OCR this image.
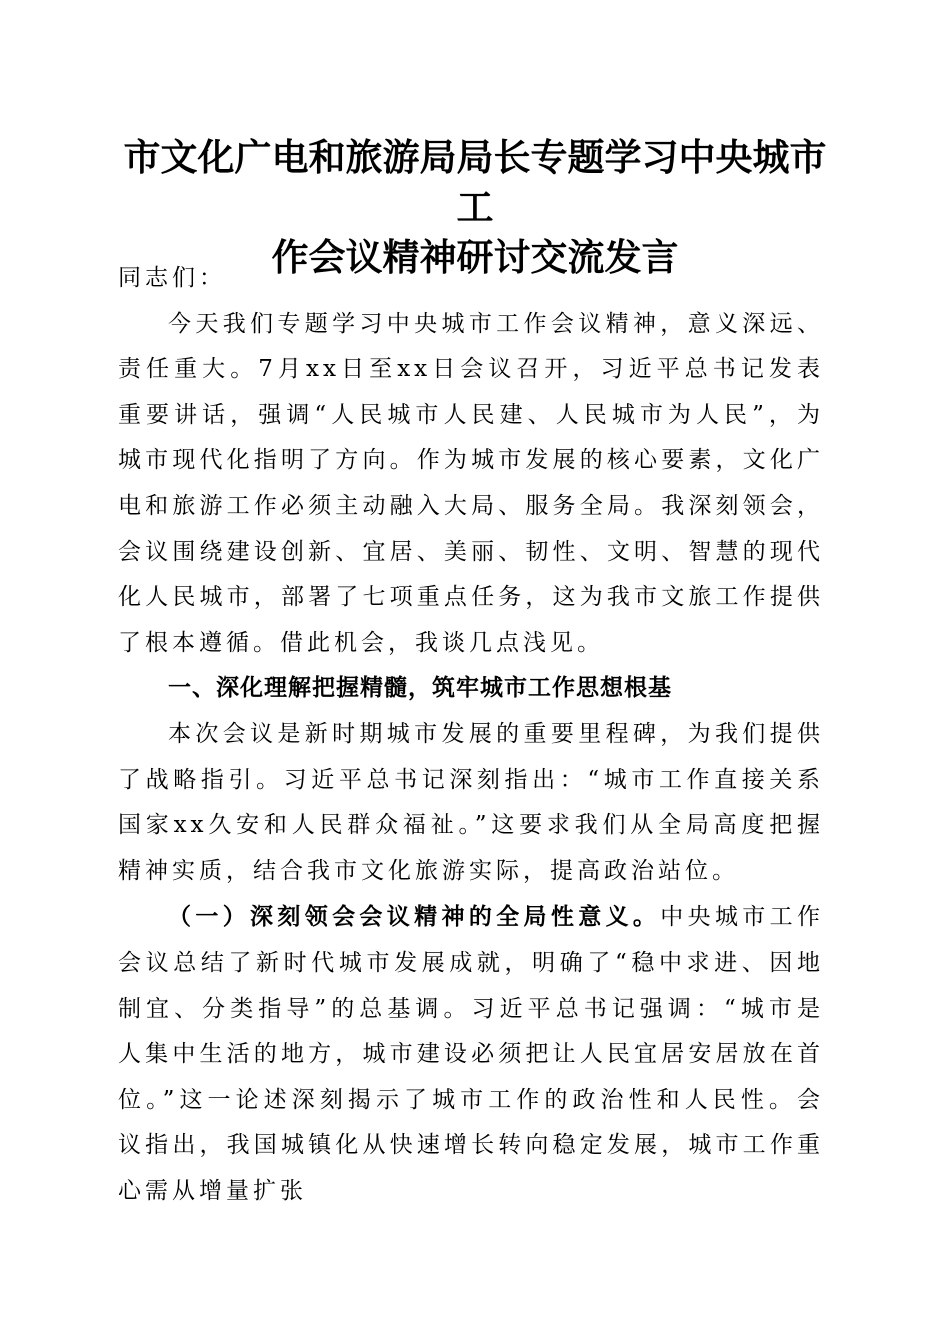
市文化广电和旅游局局长专题学习中央城市工
作会议精神研讨交流发言

同志们：

今天我们专题学习中央城市工作会议精神，意义深远、责任重大。7月xx日至xx日会议召开，习近平总书记发表重要讲话，强调“人民城市人民建、人民城市为人民”，为城市现代化指明了方向。作为城市发展的核心要素，文化广电和旅游工作必须主动融入大局、服务全局。我深刻领会，会议围绕建设创新、宜居、美丽、韧性、文明、智慧的现代化人民城市，部署了七项重点任务，这为我市文旅工作提供了根本遵循。借此机会，我谈几点浅见。

一、深化理解把握精髓，筑牢城市工作思想根基

本次会议是新时期城市发展的重要里程碑，为我们提供了战略指引。习近平总书记深刻指出：“城市工作直接关系国家xx久安和人民群众福祉。”这要求我们从全局高度把握精神实质，结合我市文化旅游实际，提高政治站位。

（一）深刻领会会议精神的全局性意义。中央城市工作会议总结了新时代城市发展成就，明确了“稳中求进、因地制宜、分类指导”的总基调。习近平总书记强调：“城市是人集中生活的地方，城市建设必须把让人民宜居安居放在首位。”这一论述深刻揭示了城市工作的政治性和人民性。会议指出，我国城镇化从快速增长转向稳定发展，城市工作重心需从增量扩张
